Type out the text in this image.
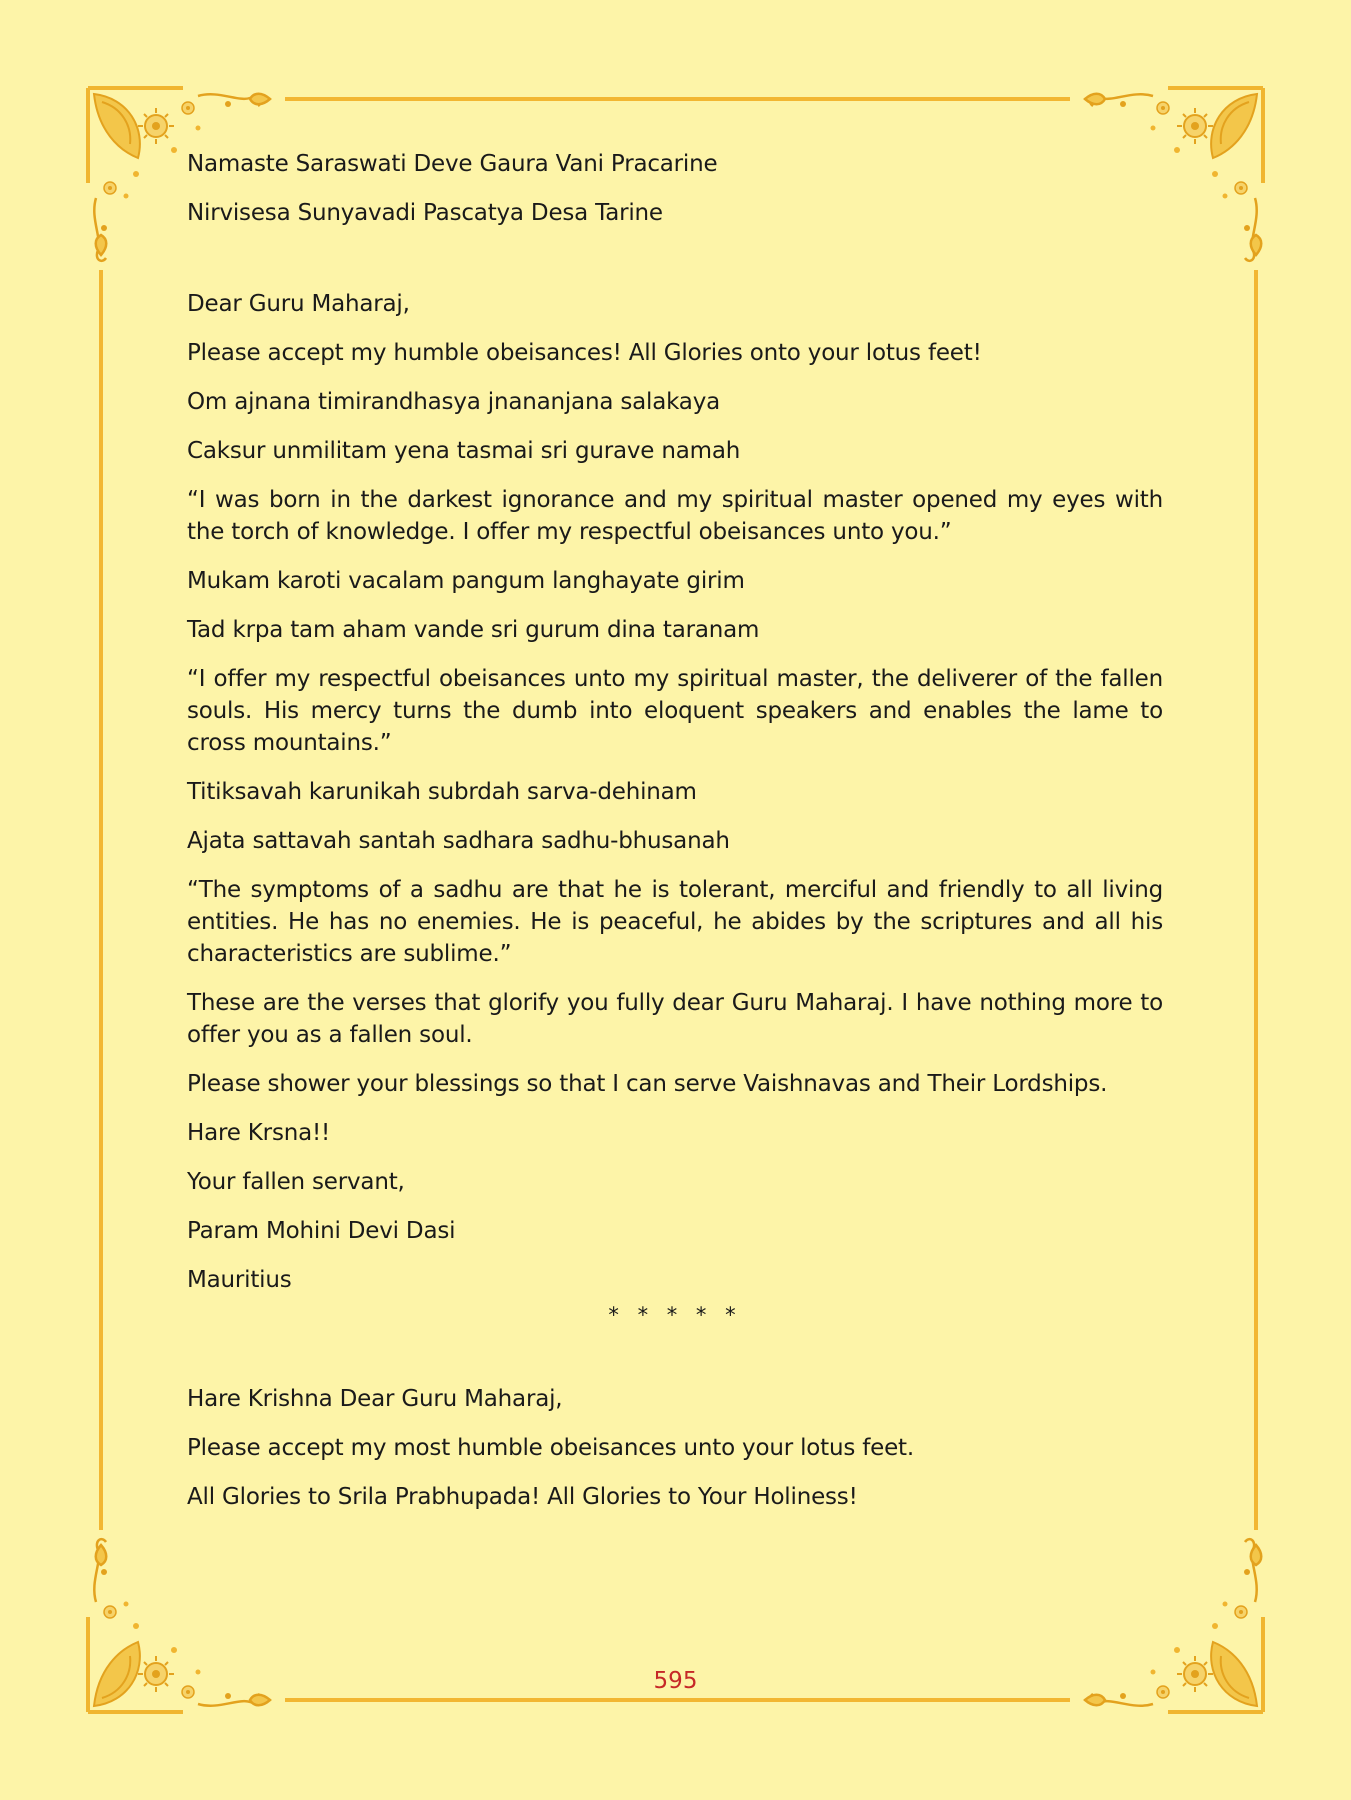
Namaste Saraswati Deve Gaura Vani Pracarine

Nirvisesa Sunyavadi Pascatya Desa Tarine

Dear Guru Maharaj,

Please accept my humble obeisances! All Glories onto your lotus feet!

Om ajnana timirandhasya jnananjana salakaya

Caksur unmilitam yena tasmai sri gurave namah

“I was born in the darkest ignorance and my spiritual master opened my eyes with the torch of knowledge. I offer my respectful obeisances unto you.”

Mukam karoti vacalam pangum langhayate girim

Tad krpa tam aham vande sri gurum dina taranam

“I offer my respectful obeisances unto my spiritual master, the deliverer of the fallen souls. His mercy turns the dumb into eloquent speakers and enables the lame to cross mountains.”

Titiksavah karunikah subrdah sarva-dehinam

Ajata sattavah santah sadhara sadhu-bhusanah

“The symptoms of a sadhu are that he is tolerant, merciful and friendly to all living entities. He has no enemies. He is peaceful, he abides by the scriptures and all his characteristics are sublime.”

These are the verses that glorify you fully dear Guru Maharaj. I have nothing more to offer you as a fallen soul.

Please shower your blessings so that I can serve Vaishnavas and Their Lordships.

Hare Krsna!!

Your fallen servant,

Param Mohini Devi Dasi

Mauritius

* * * * *

Hare Krishna Dear Guru Maharaj,

Please accept my most humble obeisances unto your lotus feet.

All Glories to Srila Prabhupada! All Glories to Your Holiness!

595
